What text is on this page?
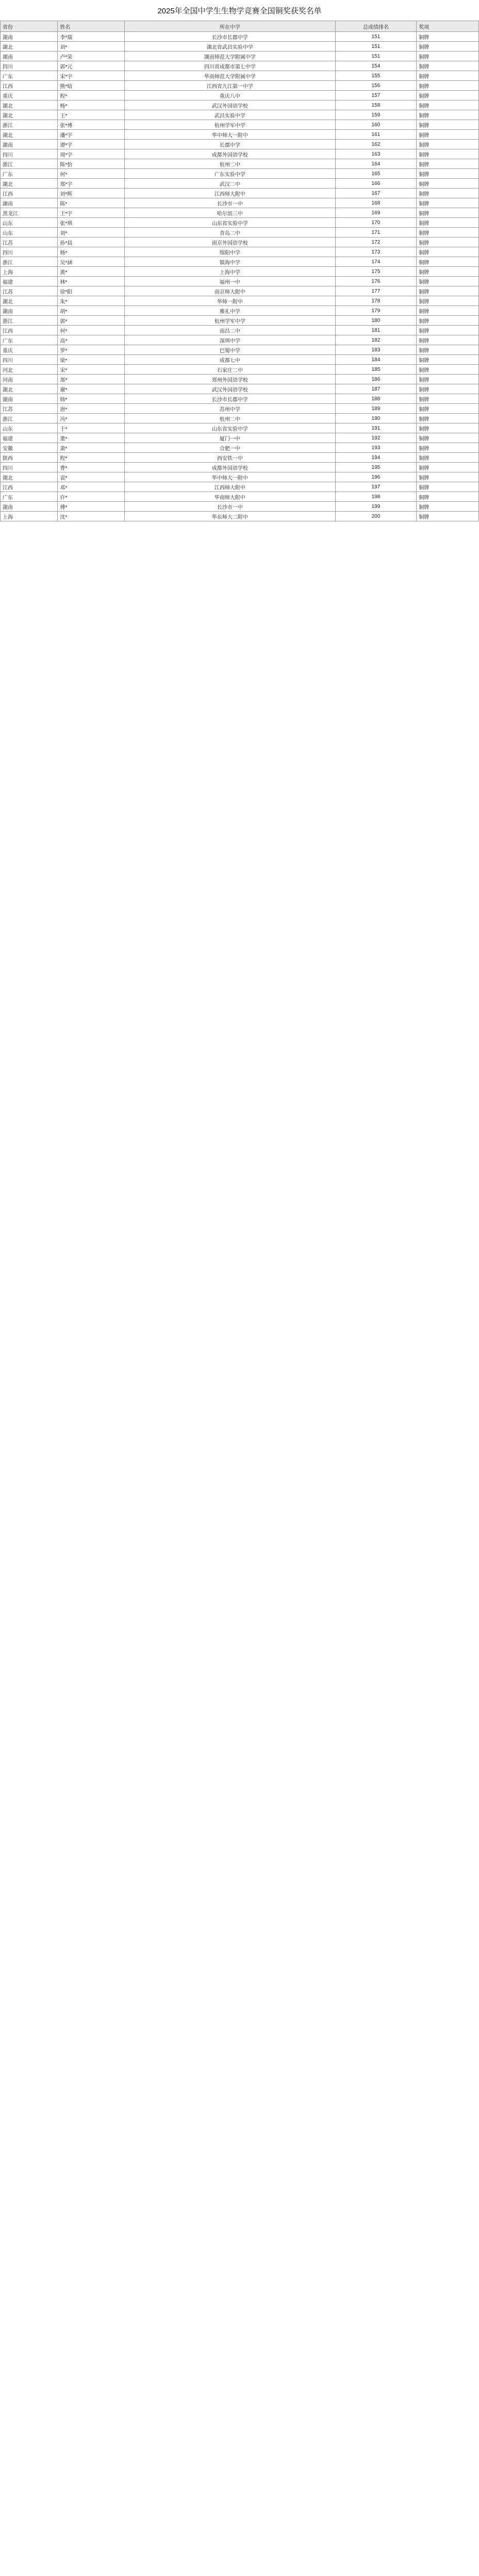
2025年全国中学生生物学竞赛全国铜奖获奖名单
省份	姓名	所在中学	总成绩排名	奖项
湖南	李*瑞	长沙市长郡中学	151	铜牌
湖北	刘*	湖北省武昌实验中学	151	铜牌
湖南	卢*荣	湖南师范大学附属中学	151	铜牌
四川	郭*元	四川省成都市第七中学	154	铜牌
广东	宋*宇	华南师范大学附属中学	155	铜牌
江西	熊*晗	江西省九江第一中学	156	铜牌
重庆	程*	重庆八中	157	铜牌
湖北	杨*	武汉外国语学校	158	铜牌
湖北	王*	武昌实验中学	159	铜牌
浙江	张*博	杭州学军中学	160	铜牌
湖北	潘*宇	华中师大一附中	161	铜牌
湖南	谭*宇	长郡中学	162	铜牌
四川	周*宇	成都外国语学校	163	铜牌
浙江	陈*怡	杭州二中	164	铜牌
广东	何*	广东实验中学	165	铜牌
湖北	郑*宇	武汉二中	166	铜牌
江西	刘*辉	江西师大附中	167	铜牌
湖南	陈*	长沙市一中	168	铜牌
黑龙江	王*宇	哈尔滨三中	169	铜牌
山东	张*琪	山东省实验中学	170	铜牌
山东	刘*	青岛二中	171	铜牌
江苏	孙*晨	南京外国语学校	172	铜牌
四川	杨*	绵阳中学	173	铜牌
浙江	吴*涵	镇海中学	174	铜牌
上海	黄*	上海中学	175	铜牌
福建	林*	福州一中	176	铜牌
江苏	徐*阳	南京师大附中	177	铜牌
湖北	朱*	华师一附中	178	铜牌
湖南	胡*	雅礼中学	179	铜牌
浙江	郭*	杭州学军中学	180	铜牌
江西	何*	南昌二中	181	铜牌
广东	高*	深圳中学	182	铜牌
重庆	罗*	巴蜀中学	183	铜牌
四川	梁*	成都七中	184	铜牌
河北	宋*	石家庄二中	185	铜牌
河南	郑*	郑州外国语学校	186	铜牌
湖北	谢*	武汉外国语学校	187	铜牌
湖南	韩*	长沙市长郡中学	188	铜牌
江苏	唐*	苏州中学	189	铜牌
浙江	冯*	杭州二中	190	铜牌
山东	于*	山东省实验中学	191	铜牌
福建	董*	厦门一中	192	铜牌
安徽	萧*	合肥一中	193	铜牌
陕西	程*	西安铁一中	194	铜牌
四川	曹*	成都外国语学校	195	铜牌
湖北	袁*	华中师大一附中	196	铜牌
江西	邓*	江西师大附中	197	铜牌
广东	许*	华南师大附中	198	铜牌
湖南	傅*	长沙市一中	199	铜牌
上海	沈*	华东师大二附中	200	铜牌
